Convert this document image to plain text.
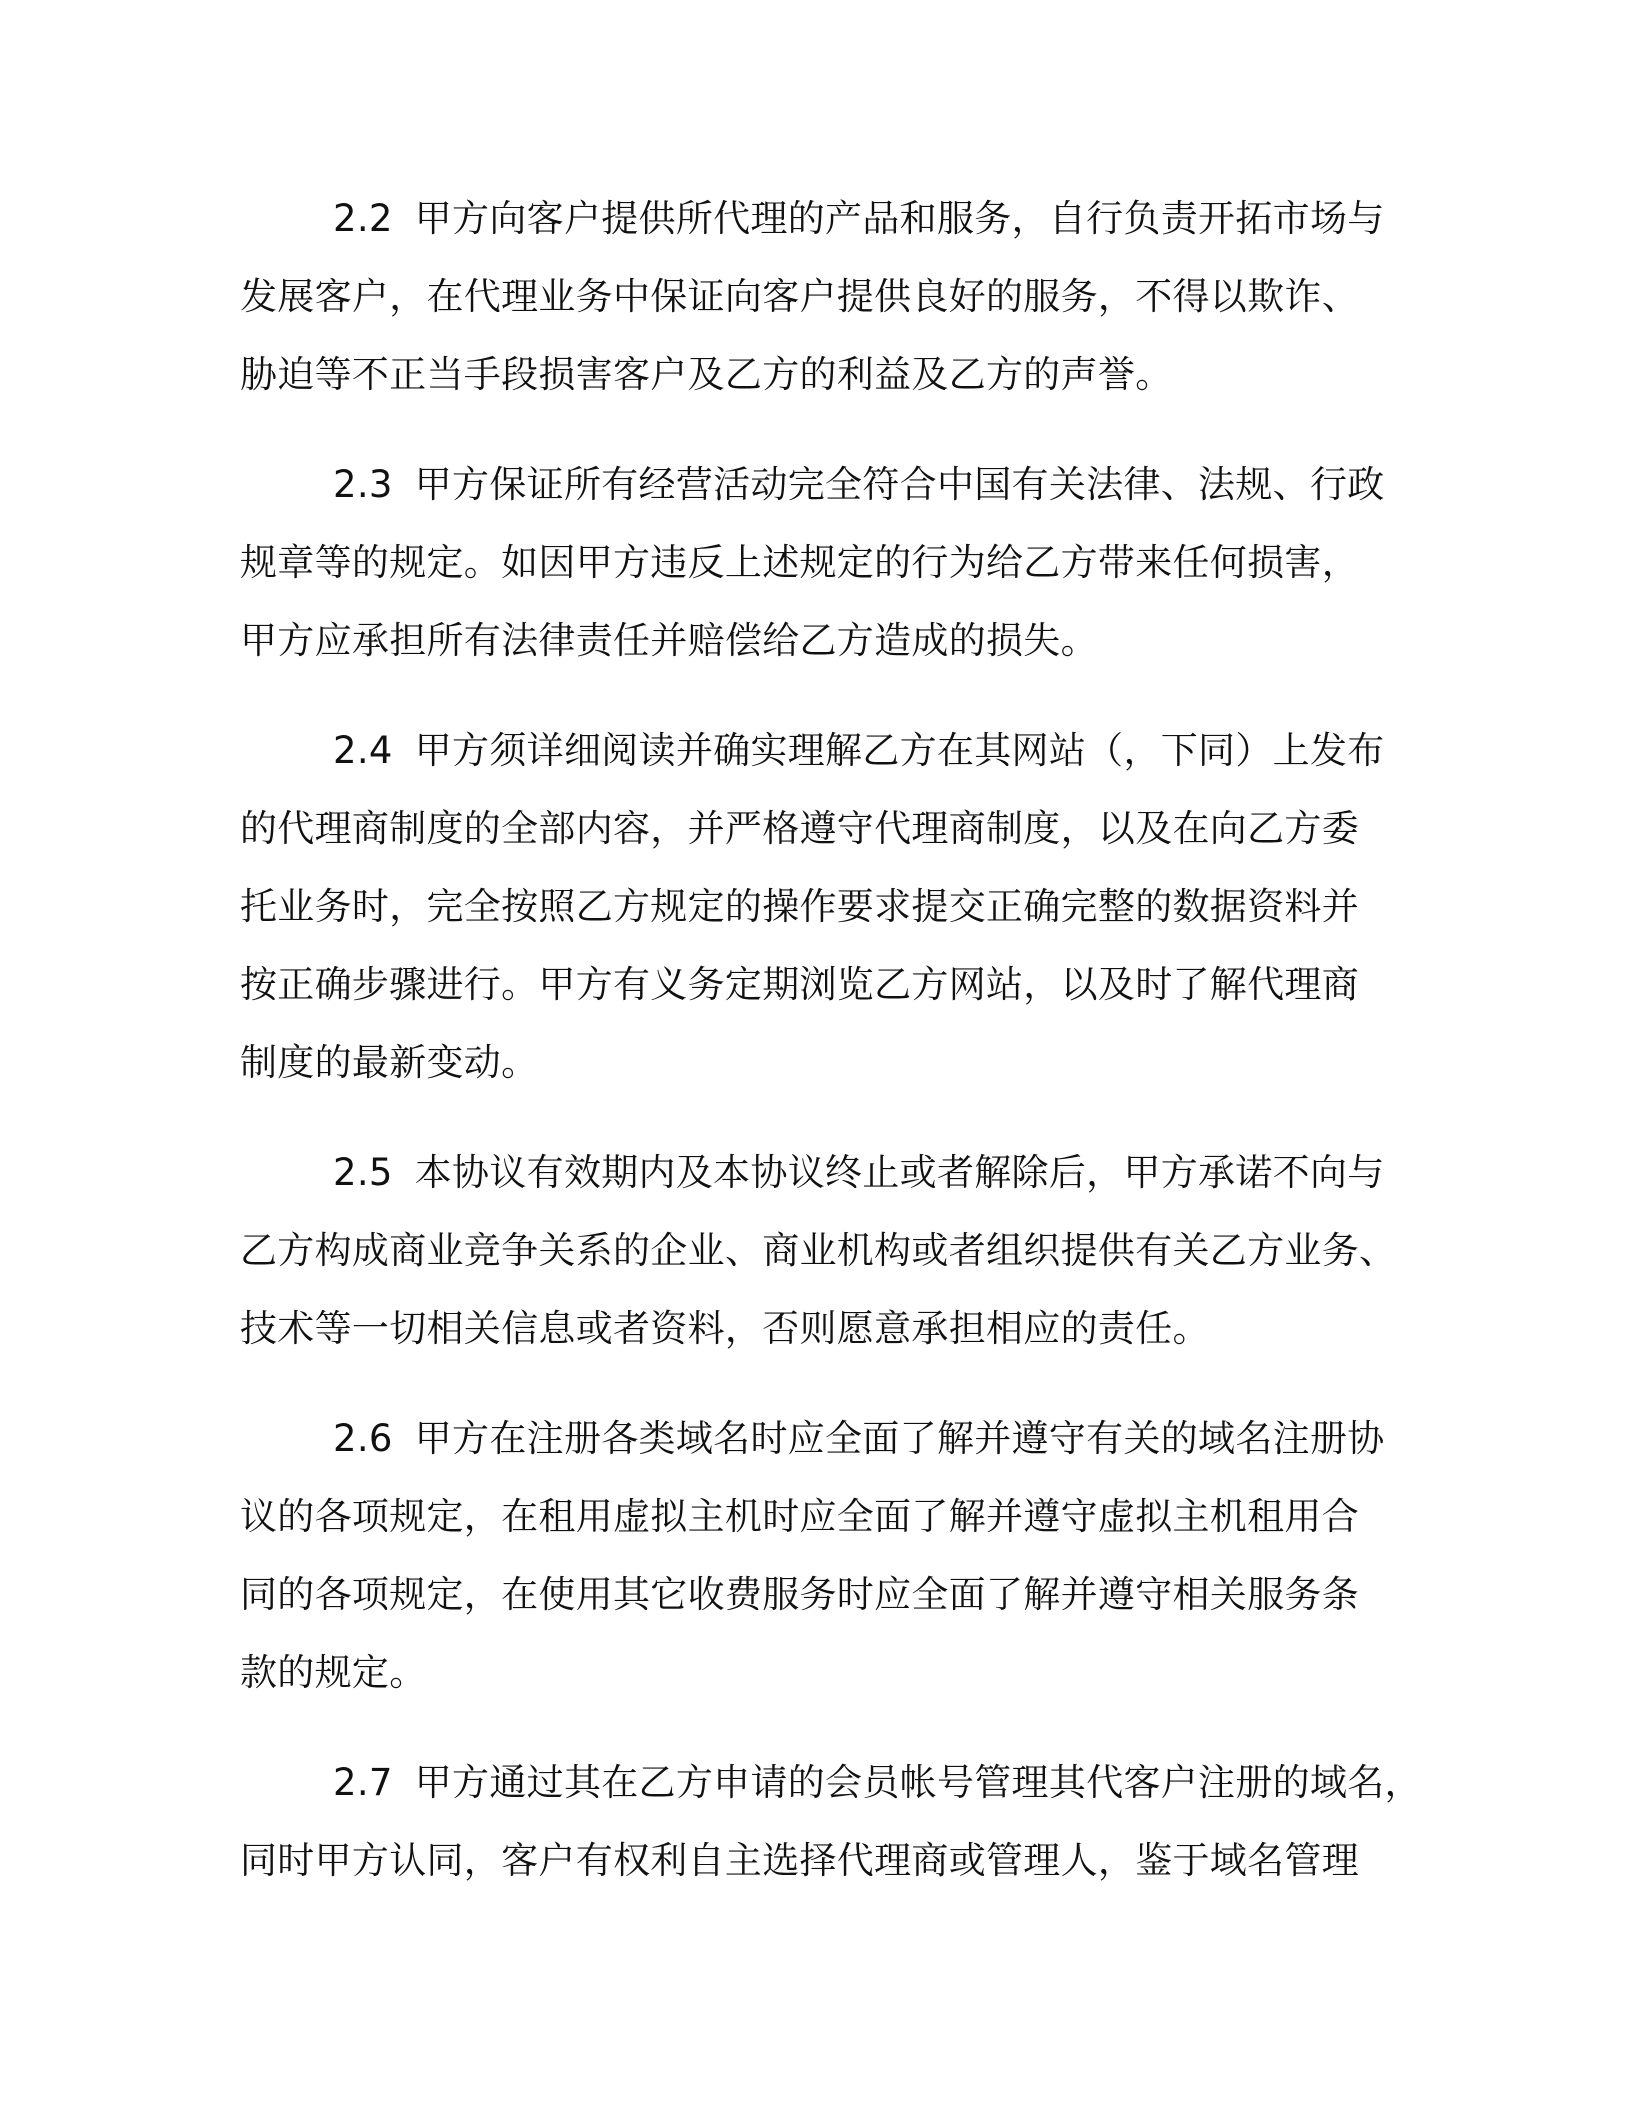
2.2 甲方向客户提供所代理的产品和服务，自行负责开拓市场与
发展客户，在代理业务中保证向客户提供良好的服务，不得以欺诈、
胁迫等不正当手段损害客户及乙方的利益及乙方的声誉。

2.3 甲方保证所有经营活动完全符合中国有关法律、法规、行政
规章等的规定。如因甲方违反上述规定的行为给乙方带来任何损害，
甲方应承担所有法律责任并赔偿给乙方造成的损失。

2.4 甲方须详细阅读并确实理解乙方在其网站（，下同）上发布
的代理商制度的全部内容，并严格遵守代理商制度，以及在向乙方委
托业务时，完全按照乙方规定的操作要求提交正确完整的数据资料并
按正确步骤进行。甲方有义务定期浏览乙方网站，以及时了解代理商
制度的最新变动。

2.5 本协议有效期内及本协议终止或者解除后，甲方承诺不向与
乙方构成商业竞争关系的企业、商业机构或者组织提供有关乙方业务、
技术等一切相关信息或者资料，否则愿意承担相应的责任。

2.6 甲方在注册各类域名时应全面了解并遵守有关的域名注册协
议的各项规定，在租用虚拟主机时应全面了解并遵守虚拟主机租用合
同的各项规定，在使用其它收费服务时应全面了解并遵守相关服务条
款的规定。

2.7 甲方通过其在乙方申请的会员帐号管理其代客户注册的域名，
同时甲方认同，客户有权利自主选择代理商或管理人，鉴于域名管理
